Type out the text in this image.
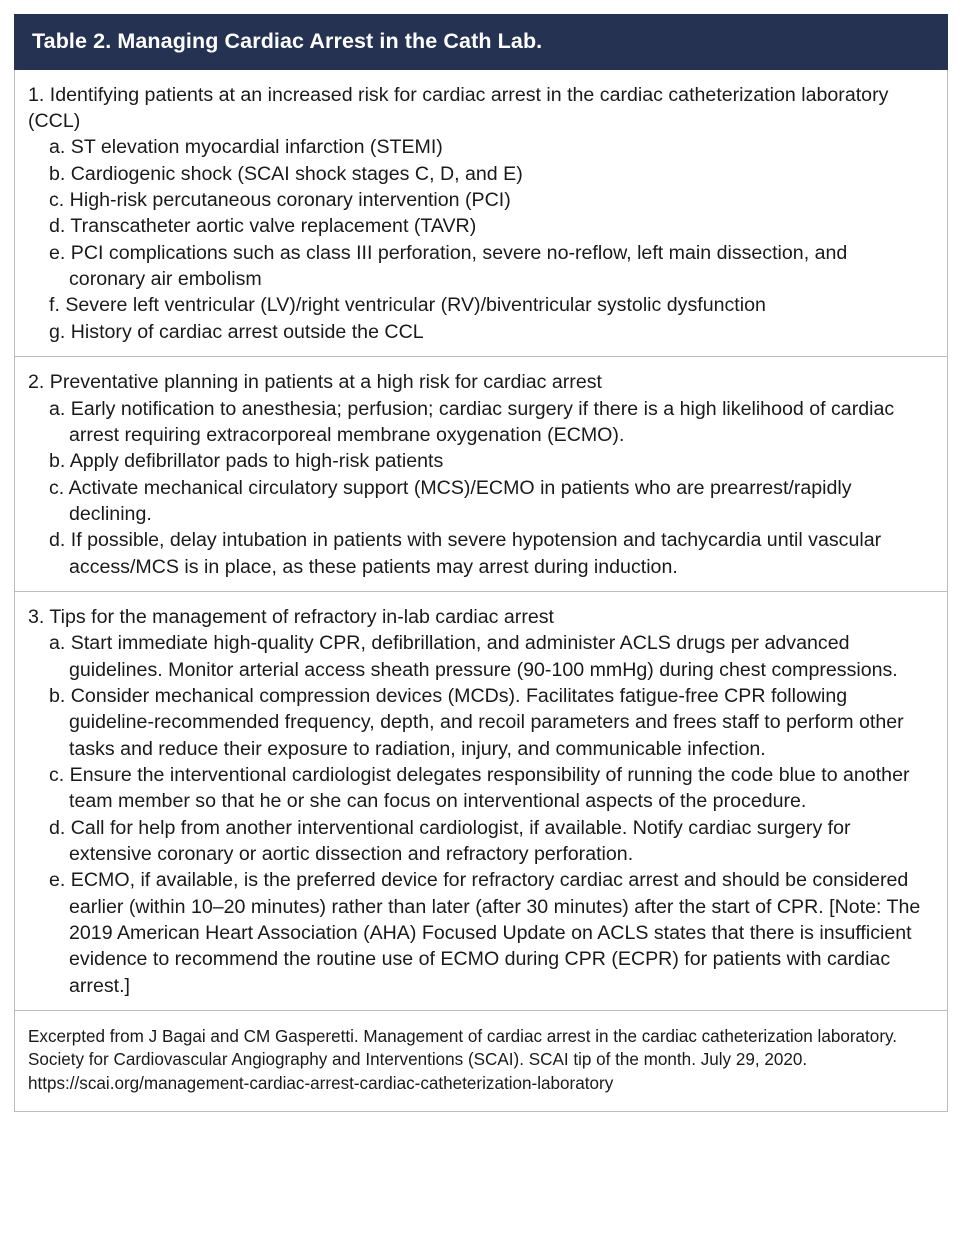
Table 2. Managing Cardiac Arrest in the Cath Lab.

1. Identifying patients at an increased risk for cardiac arrest in the cardiac catheterization laboratory (CCL)

a. ST elevation myocardial infarction (STEMI)
b. Cardiogenic shock (SCAI shock stages C, D, and E)
c. High-risk percutaneous coronary intervention (PCI)
d. Transcatheter aortic valve replacement (TAVR)
e. PCI complications such as class III perforation, severe no-reflow, left main dissection, and coronary air embolism
f. Severe left ventricular (LV)/right ventricular (RV)/biventricular systolic dysfunction
g. History of cardiac arrest outside the CCL

2. Preventative planning in patients at a high risk for cardiac arrest

a. Early notification to anesthesia; perfusion; cardiac surgery if there is a high likelihood of cardiac arrest requiring extracorporeal membrane oxygenation (ECMO).
b. Apply defibrillator pads to high-risk patients
c. Activate mechanical circulatory support (MCS)/ECMO in patients who are prearrest/rapidly declining.
d. If possible, delay intubation in patients with severe hypotension and tachycardia until vascular access/MCS is in place, as these patients may arrest during induction.

3. Tips for the management of refractory in-lab cardiac arrest

a. Start immediate high-quality CPR, defibrillation, and administer ACLS drugs per advanced guidelines. Monitor arterial access sheath pressure (90-100 mmHg) during chest compressions.
b. Consider mechanical compression devices (MCDs). Facilitates fatigue-free CPR following guideline-recommended frequency, depth, and recoil parameters and frees staff to perform other tasks and reduce their exposure to radiation, injury, and communicable infection.
c. Ensure the interventional cardiologist delegates responsibility of running the code blue to another team member so that he or she can focus on interventional aspects of the procedure.
d. Call for help from another interventional cardiologist, if available. Notify cardiac surgery for extensive coronary or aortic dissection and refractory perforation.
e. ECMO, if available, is the preferred device for refractory cardiac arrest and should be considered earlier (within 10–20 minutes) rather than later (after 30 minutes) after the start of CPR. [Note: The 2019 American Heart Association (AHA) Focused Update on ACLS states that there is insufficient evidence to recommend the routine use of ECMO during CPR (ECPR) for patients with cardiac arrest.]
Excerpted from J Bagai and CM Gasperetti. Management of cardiac arrest in the cardiac catheterization laboratory. Society for Cardiovascular Angiography and Interventions (SCAI). SCAI tip of the month. July 29, 2020. https://scai.org/management-cardiac-arrest-cardiac-catheterization-laboratory
